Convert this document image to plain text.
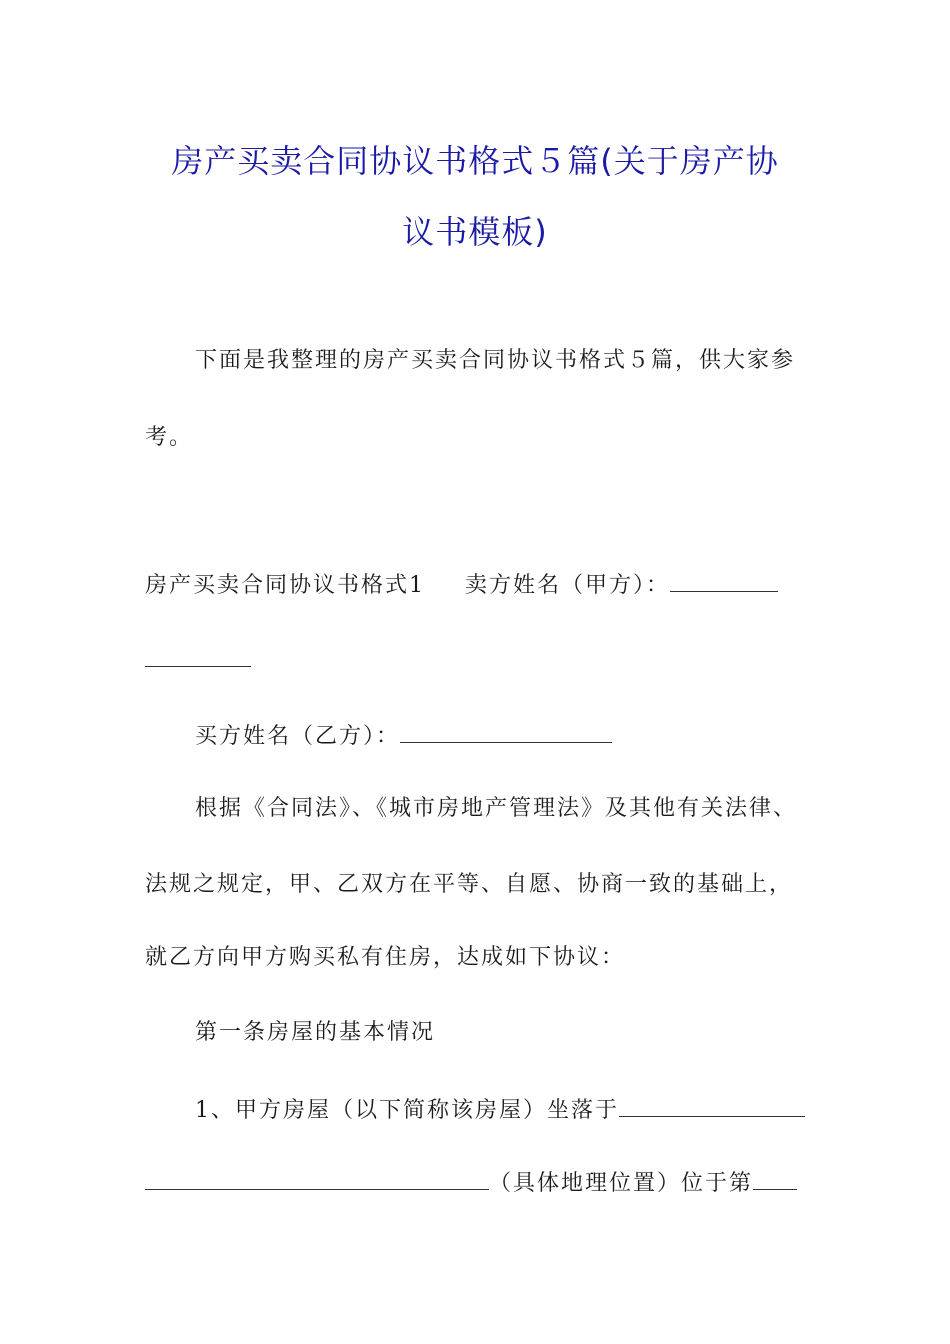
房产买卖合同协议书格式５篇(关于房产协
议书模板)
下面是我整理的房产买卖合同协议书格式５篇，供大家参
考。
房产买卖合同协议书格式1 卖方姓名（甲方）：
买方姓名（乙方）：
根据《合同法》、《城市房地产管理法》及其他有关法律、
法规之规定，甲、乙双方在平等、自愿、协商一致的基础上，
就乙方向甲方购买私有住房，达成如下协议：
第一条房屋的基本情况
1、甲方房屋（以下简称该房屋）坐落于
（具体地理位置）位于第
